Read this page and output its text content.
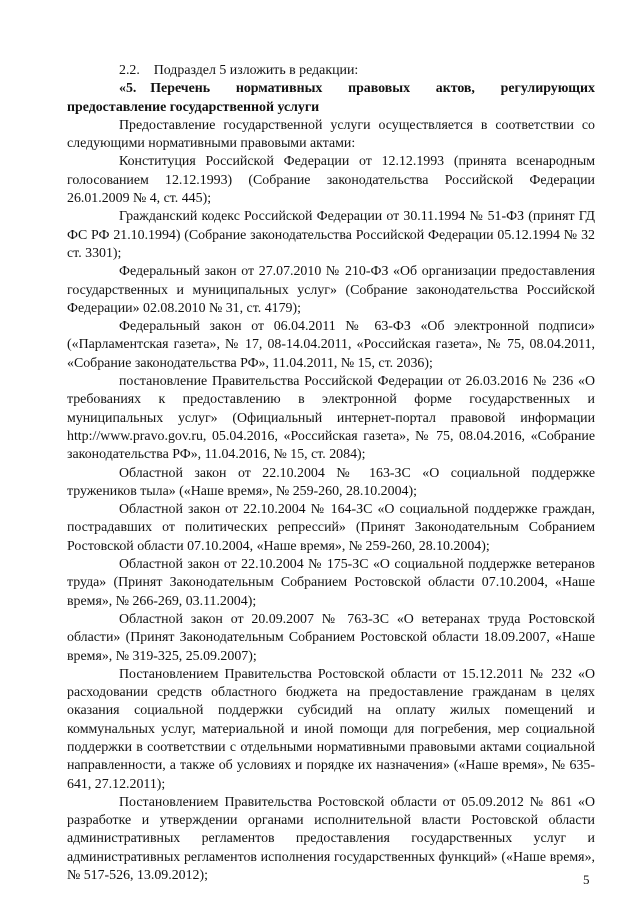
2.2. Подраздел 5 изложить в редакции:

«5. Перечень нормативных правовых актов, регулирующих предоставление государственной услуги

Предоставление государственной услуги осуществляется в соответствии со следующими нормативными правовыми актами:

Конституция Российской Федерации от 12.12.1993 (принята всенародным голосованием 12.12.1993) (Собрание законодательства Российской Федерации 26.01.2009 № 4, ст. 445);

Гражданский кодекс Российской Федерации от 30.11.1994 № 51-ФЗ (принят ГД ФС РФ 21.10.1994) (Собрание законодательства Российской Федерации 05.12.1994 № 32 ст. 3301);

Федеральный закон от 27.07.2010 № 210-ФЗ «Об организации предоставления государственных и муниципальных услуг» (Собрание законодательства Российской Федерации» 02.08.2010 № 31, ст. 4179);

Федеральный закон от 06.04.2011 № 63-ФЗ «Об электронной подписи» («Парламентская газета», № 17, 08-14.04.2011, «Российская газета», № 75, 08.04.2011, «Собрание законодательства РФ», 11.04.2011, № 15, ст. 2036);

постановление Правительства Российской Федерации от 26.03.2016 № 236 «О требованиях к предоставлению в электронной форме государственных и муниципальных услуг» (Официальный интернет-портал правовой информации http://www.pravo.gov.ru, 05.04.2016, «Российская газета», № 75, 08.04.2016, «Собрание законодательства РФ», 11.04.2016, № 15, ст. 2084);

Областной закон от 22.10.2004 № 163-ЗС «О социальной поддержке тружеников тыла» («Наше время», № 259-260, 28.10.2004);

Областной закон от 22.10.2004 № 164-ЗС «О социальной поддержке граждан, пострадавших от политических репрессий» (Принят Законодательным Собранием Ростовской области 07.10.2004, «Наше время», № 259-260, 28.10.2004);

Областной закон от 22.10.2004 № 175-ЗС «О социальной поддержке ветеранов труда» (Принят Законодательным Собранием Ростовской области 07.10.2004, «Наше время», № 266-269, 03.11.2004);

Областной закон от 20.09.2007 № 763-ЗС «О ветеранах труда Ростовской области» (Принят Законодательным Собранием Ростовской области 18.09.2007, «Наше время», № 319-325, 25.09.2007);

Постановлением Правительства Ростовской области от 15.12.2011 № 232 «О расходовании средств областного бюджета на предоставление гражданам в целях оказания социальной поддержки субсидий на оплату жилых помещений и коммунальных услуг, материальной и иной помощи для погребения, мер социальной поддержки в соответствии с отдельными нормативными правовыми актами социальной направленности, а также об условиях и порядке их назначения» («Наше время», № 635-641, 27.12.2011);

Постановлением Правительства Ростовской области от 05.09.2012 № 861 «О разработке и утверждении органами исполнительной власти Ростовской области административных регламентов предоставления государственных услуг и административных регламентов исполнения государственных функций» («Наше время», № 517-526, 13.09.2012);	5
